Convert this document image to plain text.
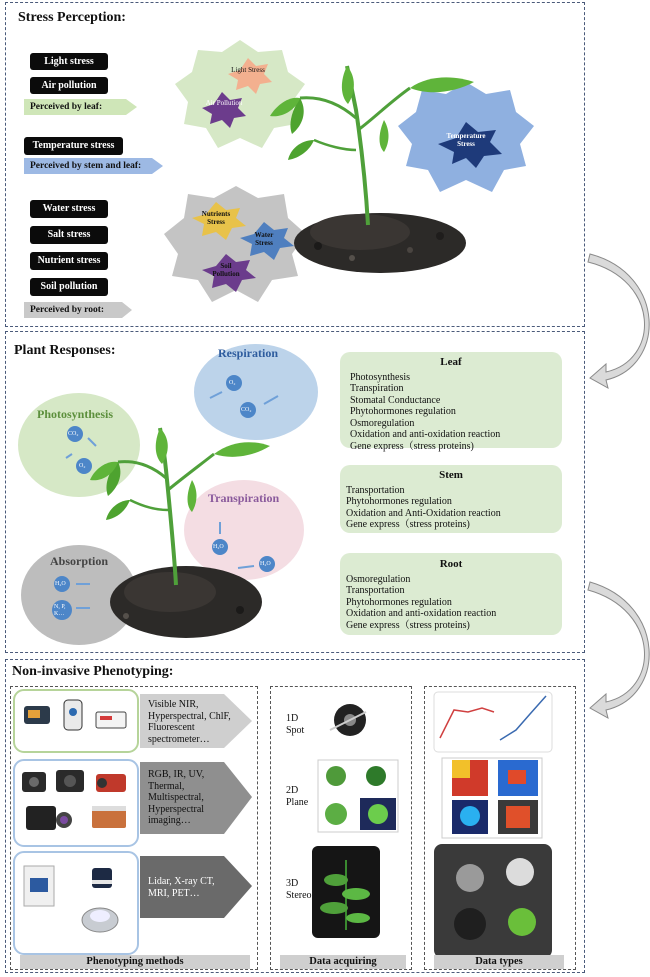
Stress Perception:
Light stress
Air pollution
Perceived by leaf:
Temperature stress
Perceived by stem and leaf:
Water stress
Salt stress
Nutrient stress
Soil pollution
Perceived by root:
Light Stress
Air Pollution
Temperature Stress
Nutrients Stress
Water Stress
Soil Pollution
Plant Responses:	Respiration
O₂
CO₂
Photosynthesis
CO₂
O₂
Transpiration
H₂O
H₂O
Absorption
H₂O
N, P, K…
Leaf
Photosynthesis
Transpiration
Stomatal Conductance
Phytohormones regulation
Osmoregulation
Oxidation and anti-oxidation reaction
Gene express（stress proteins)
Stem
Transportation
Phytohormones regulation
Oxidation and Anti-Oxidation reaction
Gene express（stress proteins)
Root
Osmoregulation
Transportation
Phytohormones regulation
Oxidation and anti-oxidation reaction
Gene express（stress proteins)
Non-invasive Phenotyping:
Visible NIR, Hyperspectral, ChlF, Fluorescent spectrometer…
RGB, IR, UV, Thermal, Multispectral, Hyperspectral imaging…
Lidar, X-ray CT, MRI, PET…
1D
Spot
2D
Plane
3D
Stereo
Phenotyping methods	Data acquiring	Data types
